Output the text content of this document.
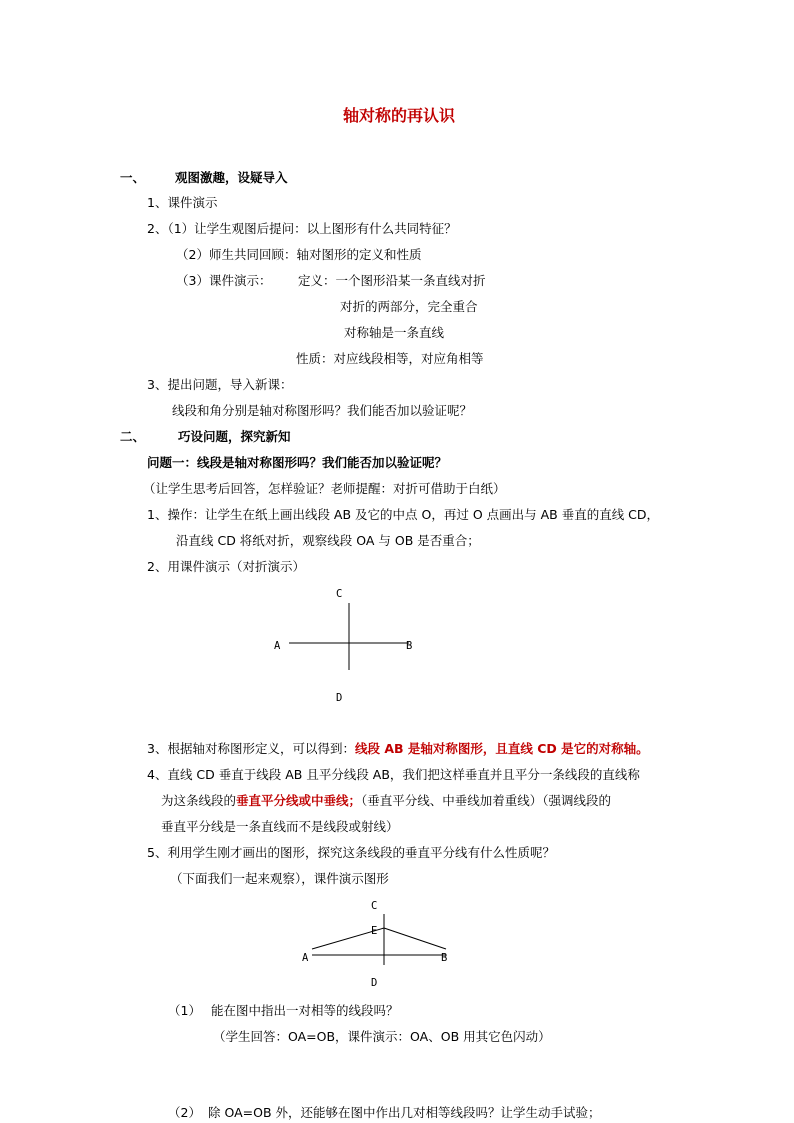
轴对称的再认识
一、 观图激趣，设疑导入
1、课件演示
2、（1）让学生观图后提问：以上图形有什么共同特征？
（2）师生共同回顾：轴对图形的定义和性质
（3）课件演示： 定义：一个图形沿某一条直线对折
对折的两部分，完全重合
对称轴是一条直线
性质：对应线段相等，对应角相等
3、提出问题，导入新课：
线段和角分别是轴对称图形吗？我们能否加以验证呢？
二、	巧设问题，探究新知
问题一：线段是轴对称图形吗？我们能否加以验证呢？
（让学生思考后回答，怎样验证？老师提醒：对折可借助于白纸）
1、操作：让学生在纸上画出线段 AB 及它的中点 O，再过 O 点画出与 AB 垂直的直线 CD，
沿直线 CD 将纸对折，观察线段 OA 与 OB 是否重合；
2、用课件演示（对折演示）
C
A	B
D
3、根据轴对称图形定义，可以得到：线段 AB 是轴对称图形，且直线 CD 是它的对称轴。
4、直线 CD 垂直于线段 AB 且平分线段 AB，我们把这样垂直并且平分一条线段的直线称
为这条线段的垂直平分线或中垂线；（垂直平分线、中垂线加着重线）（强调线段的
垂直平分线是一条直线而不是线段或射线）
5、利用学生刚才画出的图形，探究这条线段的垂直平分线有什么性质呢？
（下面我们一起来观察），课件演示图形
C
E
A	B
D
（1） 能在图中指出一对相等的线段吗？
（学生回答：OA=OB，课件演示：OA、OB 用其它色闪动）
（2） 除 OA=OB 外，还能够在图中作出几对相等线段吗？让学生动手试验；
